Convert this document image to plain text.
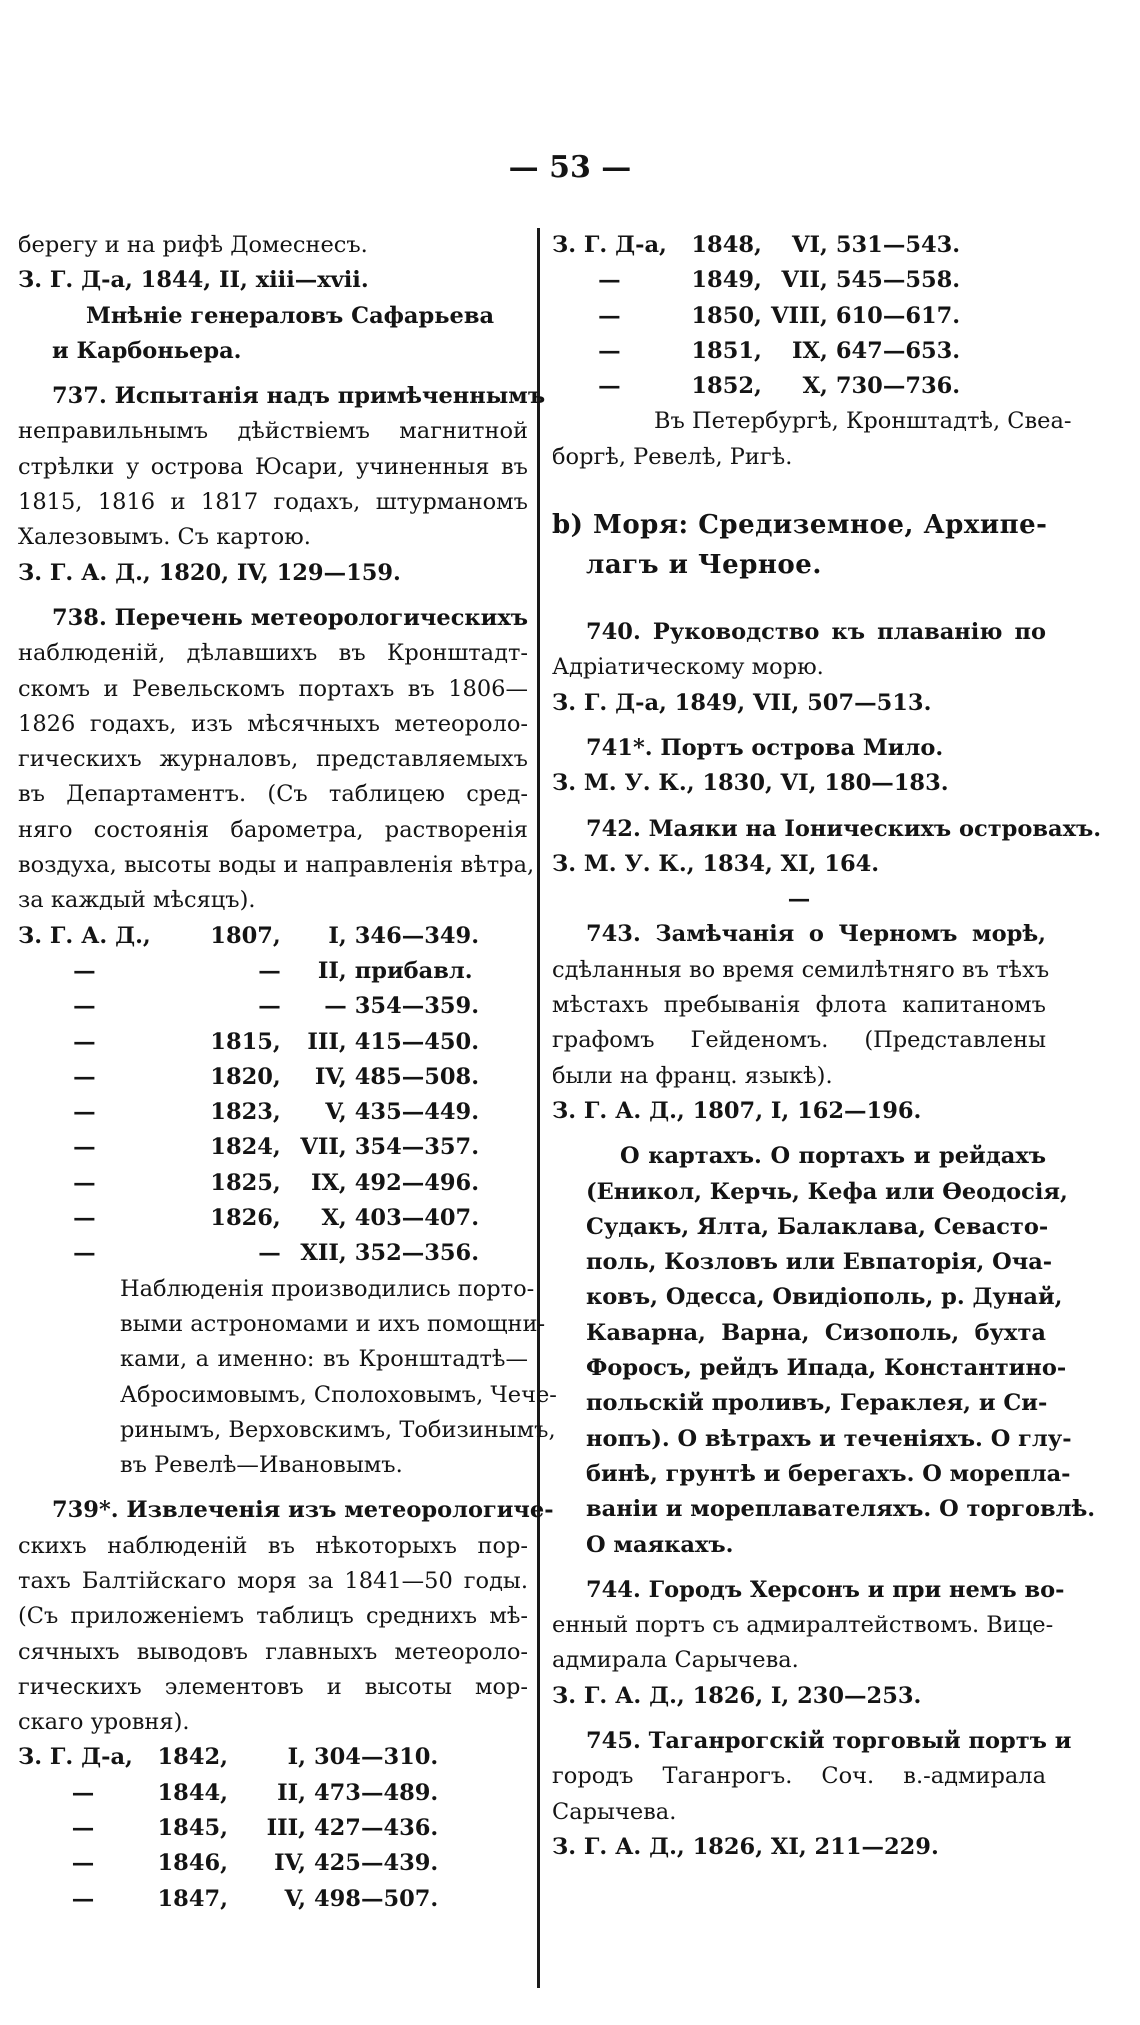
— 53 —
берегу и на рифѣ Домеснесъ.
З. Г. Д-а, 1844, II, xiii—xvii.
Мнѣніе генераловъ Сафарьева
и Карбоньера.
737. Испытанія надъ примѣченнымъ
неправильнымъ дѣйствіемъ магнитной
стрѣлки у острова Юсари, учиненныя въ
1815, 1816 и 1817 годахъ, штурманомъ
Халезовымъ. Съ картою.
З. Г. А. Д., 1820, IV, 129—159.
738. Перечень метеорологическихъ
наблюденій, дѣлавшихъ въ Кронштадт-
скомъ и Ревельскомъ портахъ въ 1806—
1826 годахъ, изъ мѣсячныхъ метеороло-
гическихъ журналовъ, представляемыхъ
въ Департаментъ. (Съ таблицею сред-
няго состоянія барометра, растворенія
воздуха, высоты воды и направленія вѣтра,
за каждый мѣсяцъ).
З. Г. А. Д.,	1807,	I,	346—349.
—	—	II,	прибавл.
—	—	—	354—359.
—	1815,	III,	415—450.
—	1820,	IV,	485—508.
—	1823,	V,	435—449.
—	1824,	VII,	354—357.
—	1825,	IX,	492—496.
—	1826,	X,	403—407.
—	—	XII,	352—356.
Наблюденія производились порто-
выми астрономами и ихъ помощни-
ками, а именно: въ Кронштадтѣ—
Абросимовымъ, Сполоховымъ, Чече-
ринымъ, Верховскимъ, Тобизинымъ,
въ Ревелѣ—Ивановымъ.
739*. Извлеченія изъ метеорологиче-
скихъ наблюденій въ нѣкоторыхъ пор-
тахъ Балтійскаго моря за 1841—50 годы.
(Съ приложеніемъ таблицъ среднихъ мѣ-
сячныхъ выводовъ главныхъ метеороло-
гическихъ элементовъ и высоты мор-
скаго уровня).
З. Г. Д-а,	1842,	I,	304—310.
—	1844,	II,	473—489.
—	1845,	III,	427—436.
—	1846,	IV,	425—439.
—	1847,	V,	498—507.
З. Г. Д-а,	1848,	VI,	531—543.
—	1849,	VII,	545—558.
—	1850,	VIII,	610—617.
—	1851,	IX,	647—653.
—	1852,	X,	730—736.
Въ Петербургѣ, Кронштадтѣ, Свеа-
боргѣ, Ревелѣ, Ригѣ.
b) Моря: Средиземное, Архипе-
лагъ и Черное.
740. Руководство къ плаванію по
Адріатическому морю.
З. Г. Д-а, 1849, VII, 507—513.
741*. Портъ острова Мило.
З. М. У. К., 1830, VI, 180—183.
742. Маяки на Іоническихъ островахъ.
З. М. У. К., 1834, XI, 164.
—
743. Замѣчанія о Черномъ морѣ,
сдѣланныя во время семилѣтняго въ тѣхъ
мѣстахъ пребыванія флота капитаномъ
графомъ Гейденомъ. (Представлены
были на франц. языкѣ).
З. Г. А. Д., 1807, I, 162—196.
О картахъ. О портахъ и рейдахъ
(Еникол, Керчь, Кефа или Ѳеодосія,
Судакъ, Ялта, Балаклава, Севасто-
поль, Козловъ или Евпаторія, Оча-
ковъ, Одесса, Овидіополь, р. Дунай,
Каварна, Варна, Сизополь, бухта
Форосъ, рейдъ Ипада, Константино-
польскій проливъ, Гераклея, и Си-
нопъ). О вѣтрахъ и теченіяхъ. О глу-
бинѣ, грунтѣ и берегахъ. О морепла-
ваніи и мореплавателяхъ. О торговлѣ.
О маякахъ.
744. Городъ Херсонъ и при немъ во-
енный портъ съ адмиралтействомъ. Вице-
адмирала Сарычева.
З. Г. А. Д., 1826, I, 230—253.
745. Таганрогскій торговый портъ и
городъ Таганрогъ. Соч. в.-адмирала
Сарычева.
З. Г. А. Д., 1826, XI, 211—229.
